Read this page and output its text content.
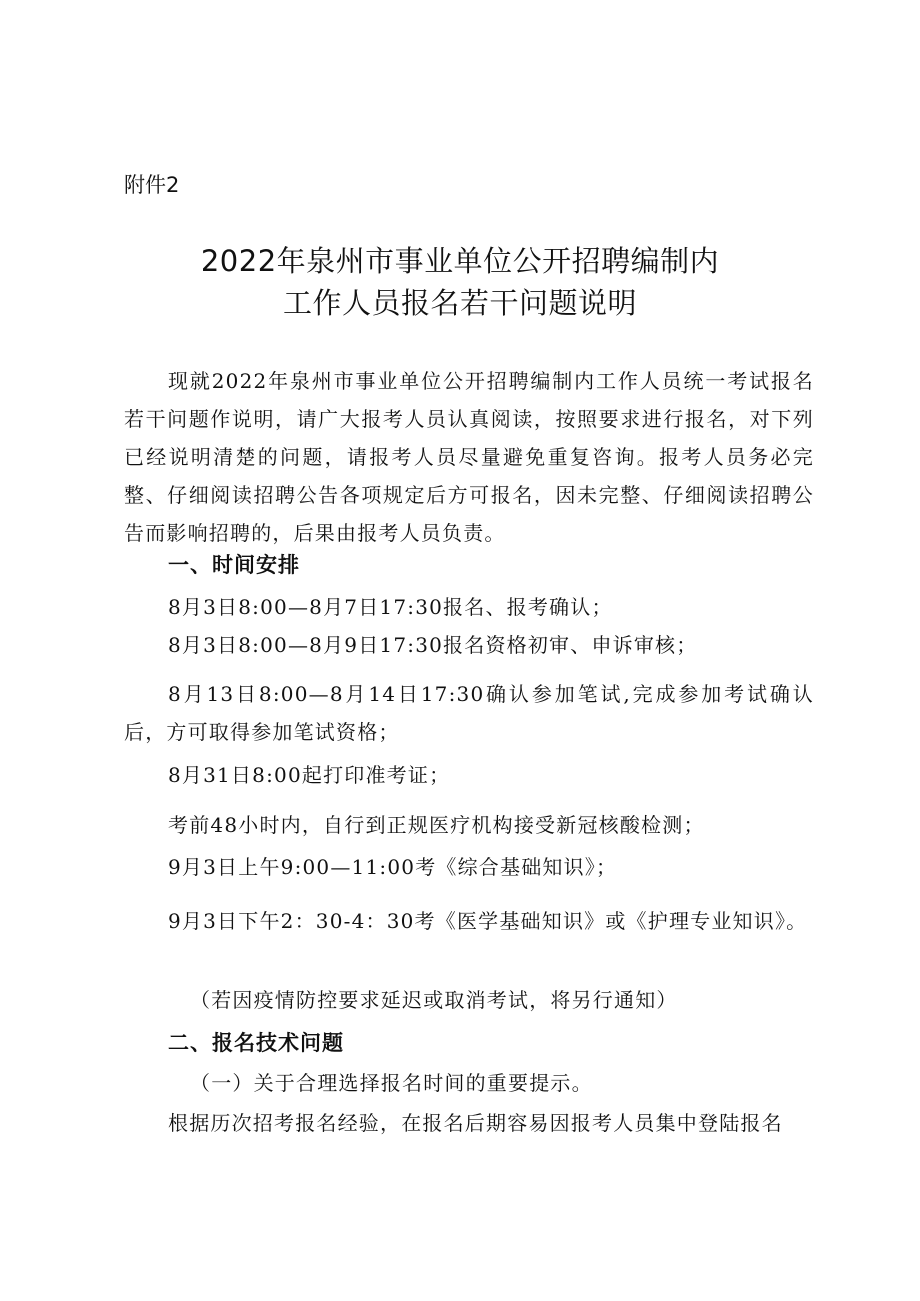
附件2
2022年泉州市事业单位公开招聘编制内
工作人员报名若干问题说明

现就2022年泉州市事业单位公开招聘编制内工作人员统一考试报名若干问题作说明，请广大报考人员认真阅读，按照要求进行报名，对下列已经说明清楚的问题，请报考人员尽量避免重复咨询。报考人员务必完整、仔细阅读招聘公告各项规定后方可报名，因未完整、仔细阅读招聘公告而影响招聘的，后果由报考人员负责。

一、时间安排
8月3日8:00—8月7日17:30报名、报考确认；
8月3日8:00—8月9日17:30报名资格初审、申诉审核；

8月13日8:00—8月14日17:30确认参加笔试,完成参加考试确认后，方可取得参加笔试资格；

8月31日8:00起打印准考证；
考前48小时内，自行到正规医疗机构接受新冠核酸检测；
9月3日上午9:00—11:00考《综合基础知识》；

9月3日下午2：30-4：30考《医学基础知识》或《护理专业知识》。

（若因疫情防控要求延迟或取消考试，将另行通知）
二、报名技术问题
（一）关于合理选择报名时间的重要提示。
根据历次招考报名经验，在报名后期容易因报考人员集中登陆报名
